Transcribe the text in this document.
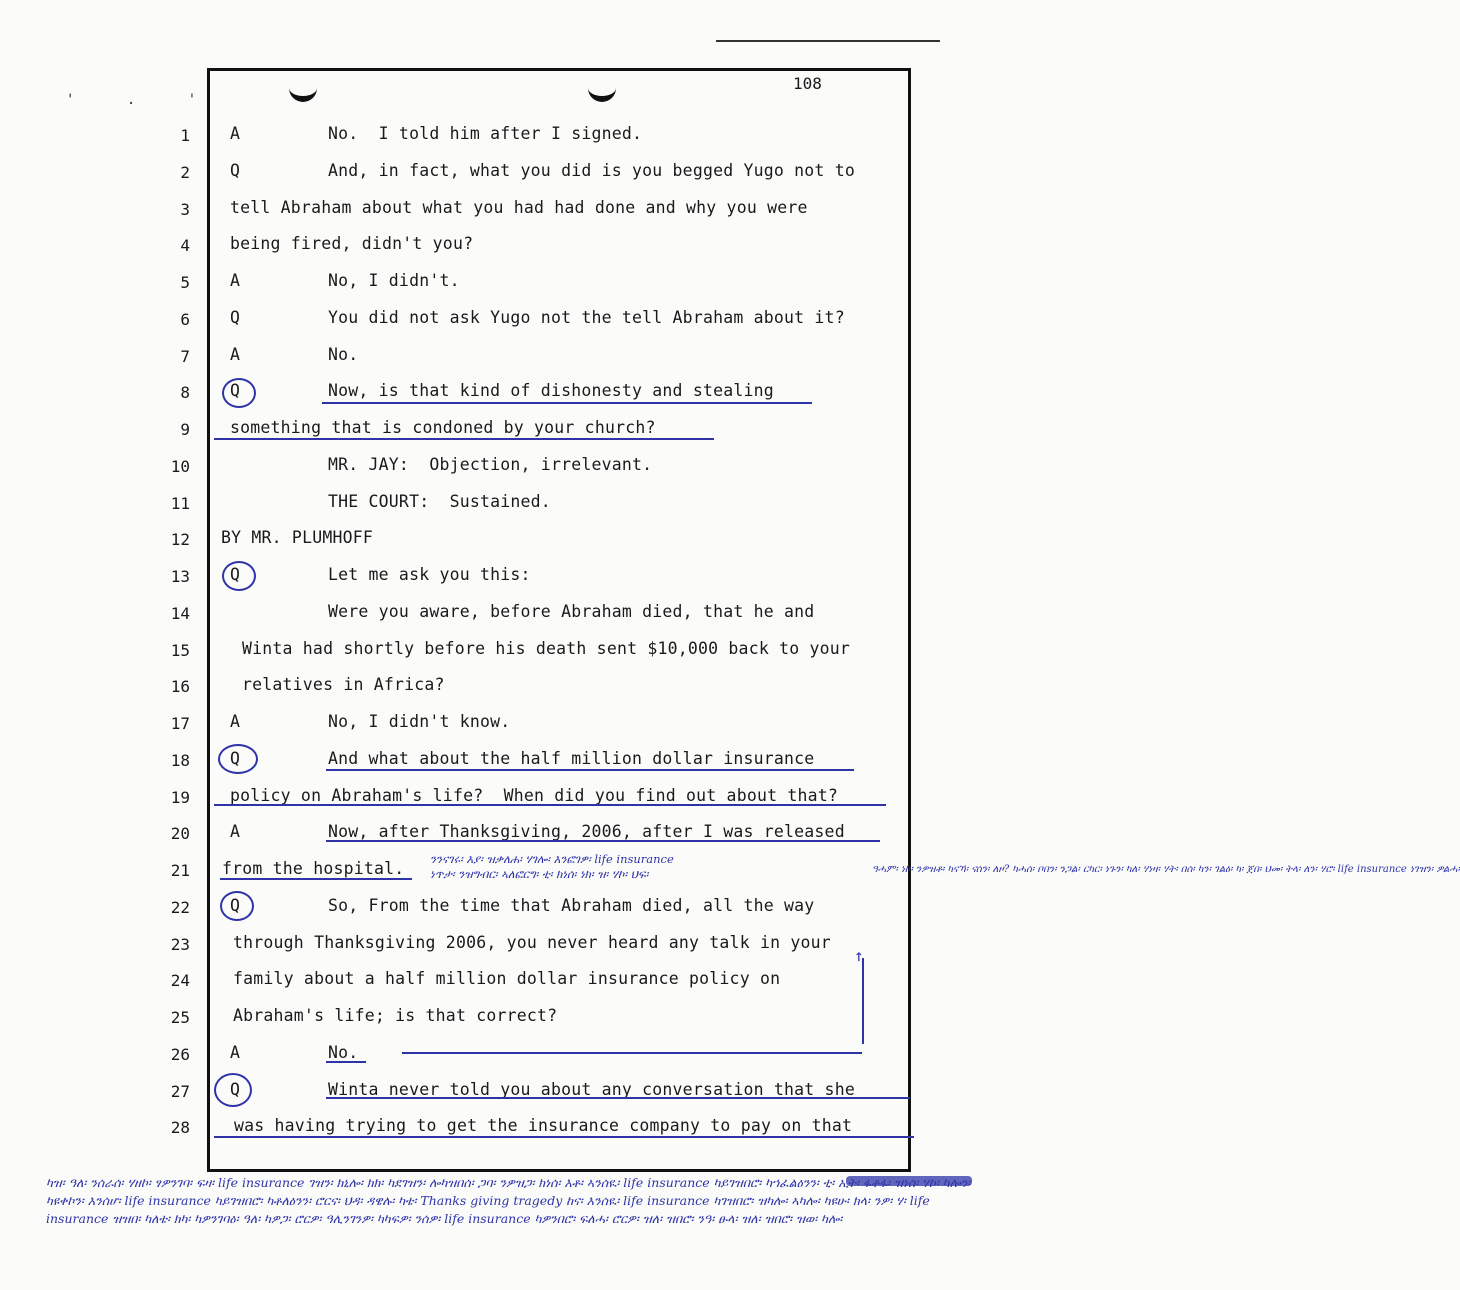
' . '
108
1 A	No.  I told him after I signed.
2 Q	And, in fact, what you did is you begged Yugo not to
3 tell Abraham about what you had had done and why you were
4 being fired, didn't you?
5 A	No, I didn't.
6 Q	You did not ask Yugo not the tell Abraham about it?
7 A	No.
8 Q	Now, is that kind of dishonesty and stealing
9 something that is condoned by your church?
10	MR. JAY:  Objection, irrelevant.
11	THE COURT:  Sustained.
12 BY MR. PLUMHOFF
13 Q	Let me ask you this:
14	Were you aware, before Abraham died, that he and
15	Winta had shortly before his death sent $10,000 back to your
16	relatives in Africa?
17 A	No, I didn't know.
18 Q	And what about the half million dollar insurance
19 policy on Abraham's life?  When did you find out about that?
20 A	Now, after Thanksgiving, 2006, after I was released
21 from the hospital.
22 Q	So, From the time that Abraham died, all the way
23	through Thanksgiving 2006, you never heard any talk in your
24	family about a half million dollar insurance policy on
25	Abraham's life; is that correct?
26 A	No.
27 Q	Winta never told you about any conversation that she
28	was having trying to get the insurance company to pay on that
↑
ንንናገሩ፡ እያ፡ ዝቃለሐ፡ ሃገሎ፡ እንፎገዎ፡ life insurance
ነጥታ፡ ንዝግብር፡ ኣለፎርግ፡ ቲ፡ ክነሰ፡ ነክ፡ ዝ፡ ሃኮ፡ ህፍ፡	ዓሓም፡ ነኮ፡ ንዎዝቶ፡ ካናኻ፡ ናሰን፡ ለዞ? ካሓሰ፡ ቦበን፡ ንጋል፡ ርካር፡ ነጉን፡ ካለ፡ ሃነዛ፡ ሃት፡ በሰ፡ ካን፡ ገልዕ፡ ካ፡ ጀበ፡ ህመ፡ ትላ፡ ለን፡ ሃሮ፡ life insurance ነገዝን፡ ዎልሓ፡
ካዝ፡ ዓለ፡ ንሰራሰ፡ ሃዘኮ፡ ፃዎንገባ፡ ፍዛ፡ life insurance ገዝን፡ ክኒሎ፡ ክክ፡ ካደገዝን፡ ሎካዝበሰ፡ ጋባ፡ ንዎዝጋ፡ ክነሰ፡ እቶ፡ ኣንሰዪ፡ life insurance ካይገዝበሮ፡ ካኀፈልዕንን፡ ቲ፡ ኢት፡ ፋቶፋ፡ ዝነሰ፡ ሃኮ፡ ካሎን፡ ካዩቀኮን፡ እንሰሆ፡ life insurance ካይገዝበሮ፡ ካቶለዕንን፡ ሮርና፡ ህዳ፡ ዳዌሉ፡ ካቴ፡ Thanks giving tragedy ከና፡ እንሰዪ፡ life insurance ካገዝበሮ፡ ዝካሎ፡ ኣካሎ፡ ካዩሁ፡ ክላ፡ ንዎ፡ ሃ፡ life insurance ዝዝበ፡ ካለቴ፡ ክካ፡ ካዎንገባዕ፡ ዓለ፡ ካዎጋ፡ ሮርዎ፡ ዓሊንገንዎ፡ ካካፍዎ፡ ንሰዎ፡ life insurance ካዎንበሮ፡ ፍለሓ፡ ሮርዎ፡ ዝለ፡ ዝበሮ፡ ንዓ፡ ፁላ፡ ዝለ፡ ዝበሮ፡ ዝወ፡ ካሎ፡
